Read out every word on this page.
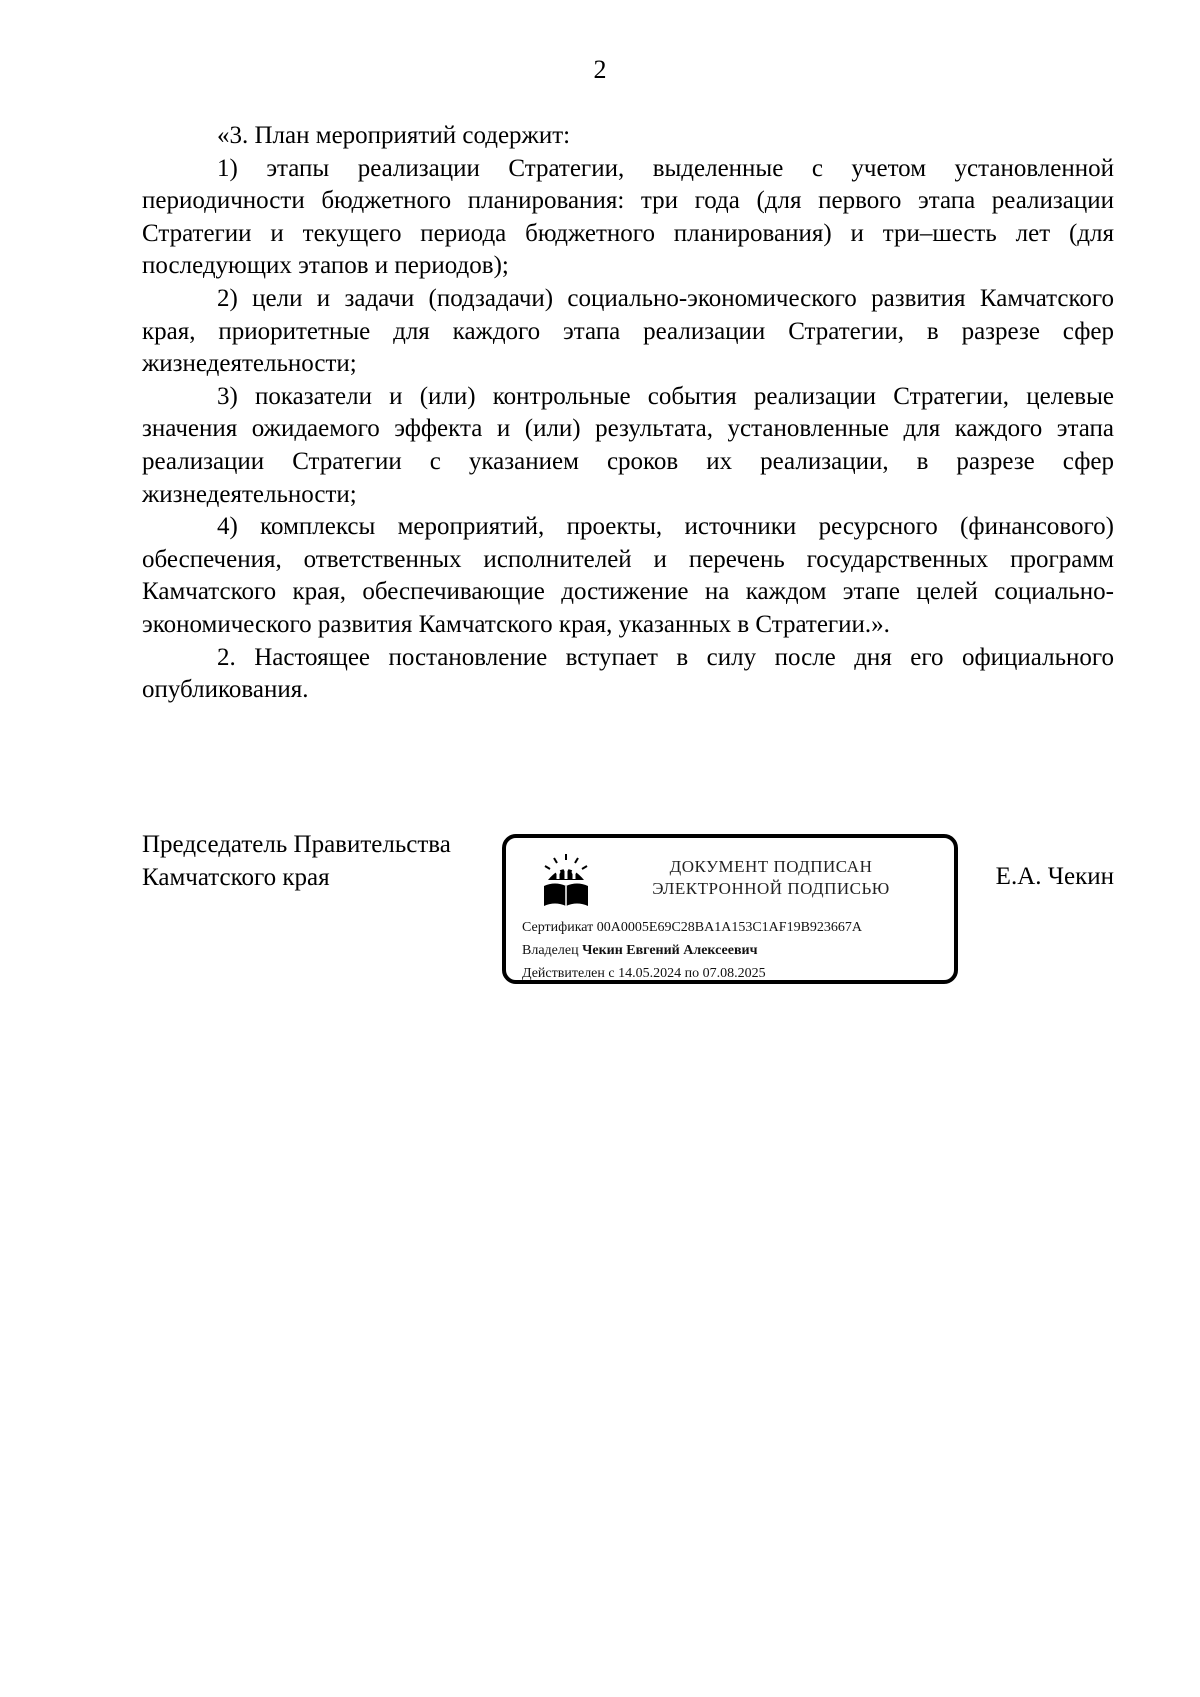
2

«3. План мероприятий содержит:

1) этапы реализации Стратегии, выделенные с учетом установленной периодичности бюджетного планирования: три года (для первого этапа реализации Стратегии и текущего периода бюджетного планирования) и три–шесть лет (для последующих этапов и периодов);

2) цели и задачи (подзадачи) социально-экономического развития Камчатского края, приоритетные для каждого этапа реализации Стратегии, в разрезе сфер жизнедеятельности;

3) показатели и (или) контрольные события реализации Стратегии, целевые значения ожидаемого эффекта и (или) результата, установленные для каждого этапа реализации Стратегии с указанием сроков их реализации, в разрезе сфер жизнедеятельности;

4) комплексы мероприятий, проекты, источники ресурсного (финансового) обеспечения, ответственных исполнителей и перечень государственных программ Камчатского края, обеспечивающие достижение на каждом этапе целей социально-экономического развития Камчатского края, указанных в Стратегии.».

2. Настоящее постановление вступает в силу после дня его официального опубликования.

Председатель Правительства
Камчатского края	ДОКУМЕНТ ПОДПИСАН
ЭЛЕКТРОННОЙ ПОДПИСЬЮ
Сертификат 00A0005E69C28BA1A153C1AF19B923667A
Владелец Чекин Евгений Алексеевич
Действителен с 14.05.2024 по 07.08.2025
Е.А. Чекин
